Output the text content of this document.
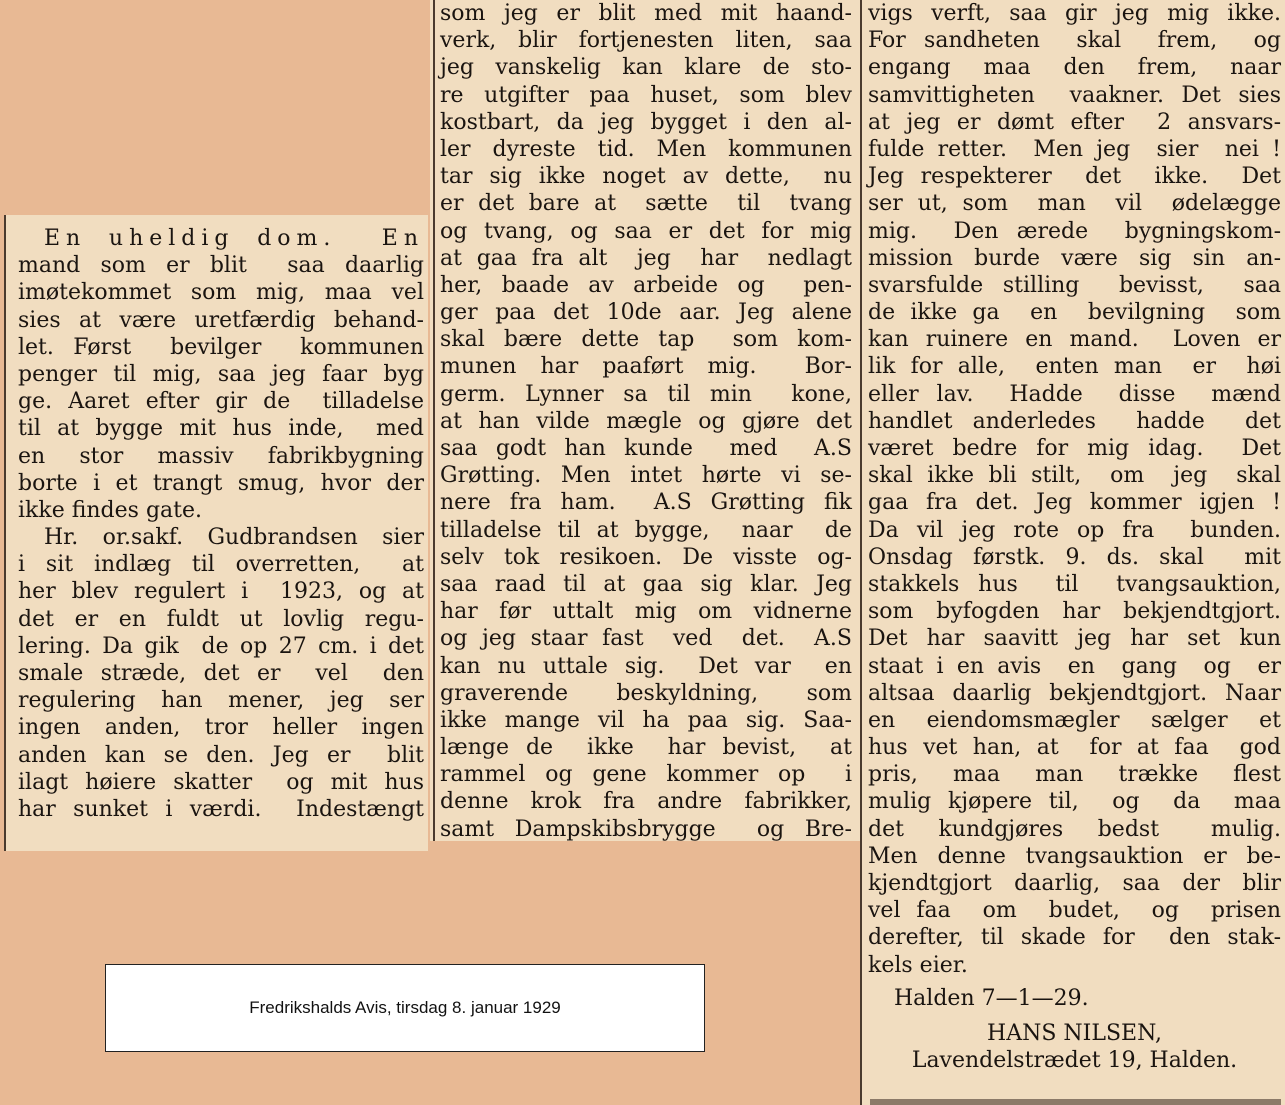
En uheldig dom.  En
mand som er blit  saa daarlig
imøtekommet som mig, maa vel
sies at være uretfærdig behand-
let. Først  bevilger  kommunen
penger til mig, saa jeg faar byg
ge. Aaret efter gir de  tilladelse
til at bygge mit hus inde,  med
en  stor  massiv  fabrikbygning
borte i et trangt smug, hvor der
ikke findes gate.
Hr. or.sakf. Gudbrandsen sier
i sit indlæg til overretten,  at
her blev regulert i  1923, og at
det er en fuldt ut lovlig regu-
lering. Da gik  de op 27 cm. i det
smale stræde, det er  vel  den
regulering han mener, jeg ser
ingen anden, tror heller ingen
anden kan se den. Jeg er  blit
ilagt høiere skatter  og mit hus
har sunket i værdi.  Indestængt
som jeg er blit med mit haand-
verk, blir fortjenesten liten, saa
jeg vanskelig kan klare de sto-
re utgifter paa huset, som blev
kostbart, da jeg bygget i den al-
ler dyreste tid. Men kommunen
tar sig ikke noget av dette,  nu
er det bare at  sætte  til  tvang
og tvang, og saa er det for mig
at gaa fra alt  jeg  har  nedlagt
her, baade av arbeide og  pen-
ger paa det 10de aar. Jeg alene
skal bære dette tap  som kom-
munen har paaført mig.  Bor-
germ. Lynner sa til min  kone,
at han vilde mægle og gjøre det
saa godt han kunde  med  A.S
Grøtting. Men intet hørte vi se-
nere fra ham.  A.S Grøtting fik
tilladelse til at bygge,  naar  de
selv tok resikoen. De visste og-
saa raad til at gaa sig klar. Jeg
har før uttalt mig om vidnerne
og jeg staar fast  ved  det.  A.S
kan nu uttale sig.  Det var  en
graverende  beskyldning,  som
ikke mange vil ha paa sig. Saa-
længe de  ikke  har bevist,  at
rammel og gene kommer op  i
denne krok fra andre fabrikker,
samt Dampskibsbrygge  og Bre-
vigs verft, saa gir jeg mig ikke.
For sandheten  skal  frem,  og
engang  maa  den  frem,  naar
samvittigheten  vaakner. Det sies
at jeg er dømt efter  2 ansvars-
fulde retter.  Men jeg  sier  nei !
Jeg respekterer  det  ikke.  Det
ser ut, som  man  vil  ødelægge
mig.  Den ærede  bygningskom-
mission burde være sig sin an-
svarsfulde stilling  bevisst,  saa
de ikke ga  en  bevilgning  som
kan ruinere en mand.  Loven er
lik for alle,  enten man  er  høi
eller lav.  Hadde  disse  mænd
handlet anderledes  hadde  det
været bedre for mig idag.  Det
skal ikke bli stilt,  om  jeg  skal
gaa fra det. Jeg kommer igjen !
Da vil jeg rote op fra  bunden.
Onsdag førstk. 9. ds. skal  mit
stakkels hus  til  tvangsauktion,
som byfogden har bekjendtgjort.
Det har saavitt jeg har set kun
staat i en avis  en  gang  og  er
altsaa daarlig bekjendtgjort. Naar
en  eiendomsmægler  sælger  et
hus vet han, at  for at faa  god
pris,  maa  man  trække  flest
mulig kjøpere til,  og  da  maa
det  kundgjøres  bedst   mulig.
Men denne tvangsauktion er be-
kjendtgjort daarlig, saa der blir
vel faa  om  budet,  og  prisen
derefter, til skade for  den stak-
kels eier.
Halden 7—1—29.
HANS NILSEN,
Lavendelstrædet 19, Halden.
Fredrikshalds Avis, tirsdag 8. januar 1929
